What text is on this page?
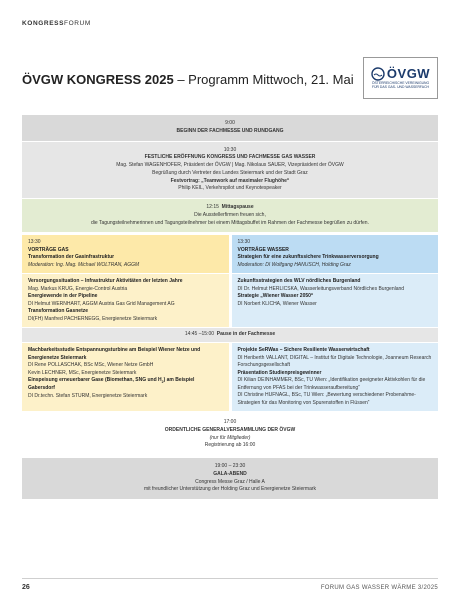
KONGRESSFORUM
ÖVGW KONGRESS 2025 – Programm Mittwoch, 21. Mai	ÖVGW
ÖSTERREICHISCHE VEREINIGUNG
FÜR DAS GAS- UND WASSERFACH
9:00
BEGINN DER FACHMESSE UND RUNDGANG
10:30
FESTLICHE ERÖFFNUNG KONGRESS UND FACHMESSE GAS WASSER
Mag. Stefan WAGENHOFER, Präsident der ÖVGW | Mag. Nikolaus SAUER, Vizepräsident der ÖVGW
Begrüßung durch Vertreter des Landes Steiermark und der Stadt Graz
Festvortrag: „Teamwork auf maximaler Flughöhe“
Philip KEIL, Verkehrspilot und Keynotespeaker
12:15 Mittagspause
Die Ausstellerfirmen freuen sich,
die Tagungsteilnehmerinnen und Tagungsteilnehmer bei einem Mittagsbuffet im Rahmen der Fachmesse begrüßen zu dürfen.
13:30
VORTRÄGE GAS
Transformation der Gasinfrastruktur
Moderation: Ing. Mag. Michael WOLTRAN, AGGM
13:30
VORTRÄGE WASSER
Strategien für eine zukunftssichere Trinkwasserversorgung
Moderation: DI Wolfgang HANUSCH, Holding Graz
Versorgungssituation – Infrastruktur Aktivitäten der letzten Jahre
Mag. Markus KRUG, Energie-Control Austria
Energiewende in der Pipeline
DI Helmut WERNHART, AGGM Austria Gas Grid Management AG
Transformation Gasnetze
DI(FH) Manfred PACHERNEGG, Energienetze Steiermark
Zukunftsstrategien des WLV nördliches Burgenland
DI Dr. Helmut HERLICSKA, Wasserleitungsverband Nördliches Burgenland
Strategie „Wiener Wasser 2050“
DI Norbert KLICHA, Wiener Wasser
14:45 –15:00 Pause in der Fachmesse
Machbarkeitsstudie Entspannungsturbine am Beispiel Wiener Netze und Energienetze Steiermark
DI Rene POLLASCHAK, BSc MSc, Wiener Netze GmbH
Kevin LECHNER, MSc, Energienetze Steiermark
Einspeisung erneuerbarer Gase (Biomethan, SNG und $H_2$) am Beispiel Gabersdorf
DI Dr.techn. Stefan STURM, Energienetze Steiermark
Projekte SeRWas – Sichere Resiliente Wasserwirtschaft
DI Heriberth VALLANT, DIGITAL – Institut für Digitale Technologie, Joanneum Research Forschungsgesellschaft
Präsentation Studienpreisgewinner
DI Kilian DEINHAMMER, BSc, TU Wien: „Identifikation geeigneter Aktivkohlen für die Entfernung von PFAS bei der Trinkwasseraufbereitung“
DI Christine HUFNAGL, BSc, TU Wien: „Bewertung verschiedener Probenahme-Strategien für das Monitoring von Spurenstoffen in Flüssen“
17:00
ORDENTLICHE GENERALVERSAMMLUNG DER ÖVGW
(nur für Mitglieder)
Registrierung ab 16:00
19:00 – 23:30
GALA-ABEND
Congress Messe Graz / Halle A
mit freundlicher Unterstützung der Holding Graz und Energienetze Steiermark
26	FORUM GAS WASSER WÄRME 3/2025
